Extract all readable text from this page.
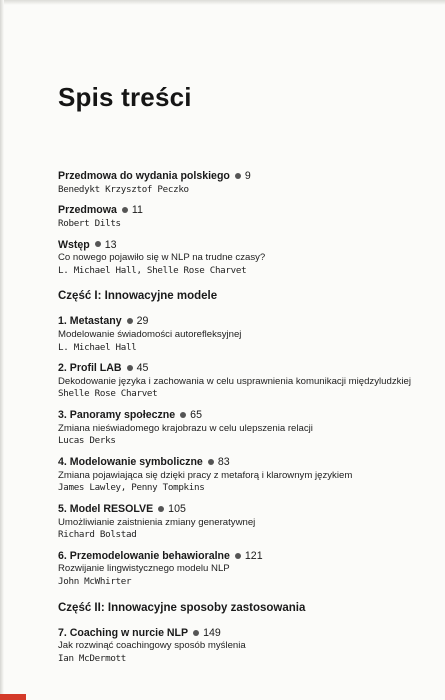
Spis treści
Przedmowa do wydania polskiego 9
Benedykt Krzysztof Peczko
Przedmowa 11
Robert Dilts
Wstęp 13
Co nowego pojawiło się w NLP na trudne czasy?
L. Michael Hall, Shelle Rose Charvet
Część I: Innowacyjne modele
1. Metastany 29
Modelowanie świadomości autorefleksyjnej
L. Michael Hall
2. Profil LAB 45
Dekodowanie języka i zachowania w celu usprawnienia komunikacji międzyludzkiej
Shelle Rose Charvet
3. Panoramy społeczne 65
Zmiana nieświadomego krajobrazu w celu ulepszenia relacji
Lucas Derks
4. Modelowanie symboliczne 83
Zmiana pojawiająca się dzięki pracy z metaforą i klarownym językiem
James Lawley, Penny Tompkins
5. Model RESOLVE 105
Umożliwianie zaistnienia zmiany generatywnej
Richard Bolstad
6. Przemodelowanie behawioralne 121
Rozwijanie lingwistycznego modelu NLP
John McWhirter
Część II: Innowacyjne sposoby zastosowania
7. Coaching w nurcie NLP 149
Jak rozwinąć coachingowy sposób myślenia
Ian McDermott
